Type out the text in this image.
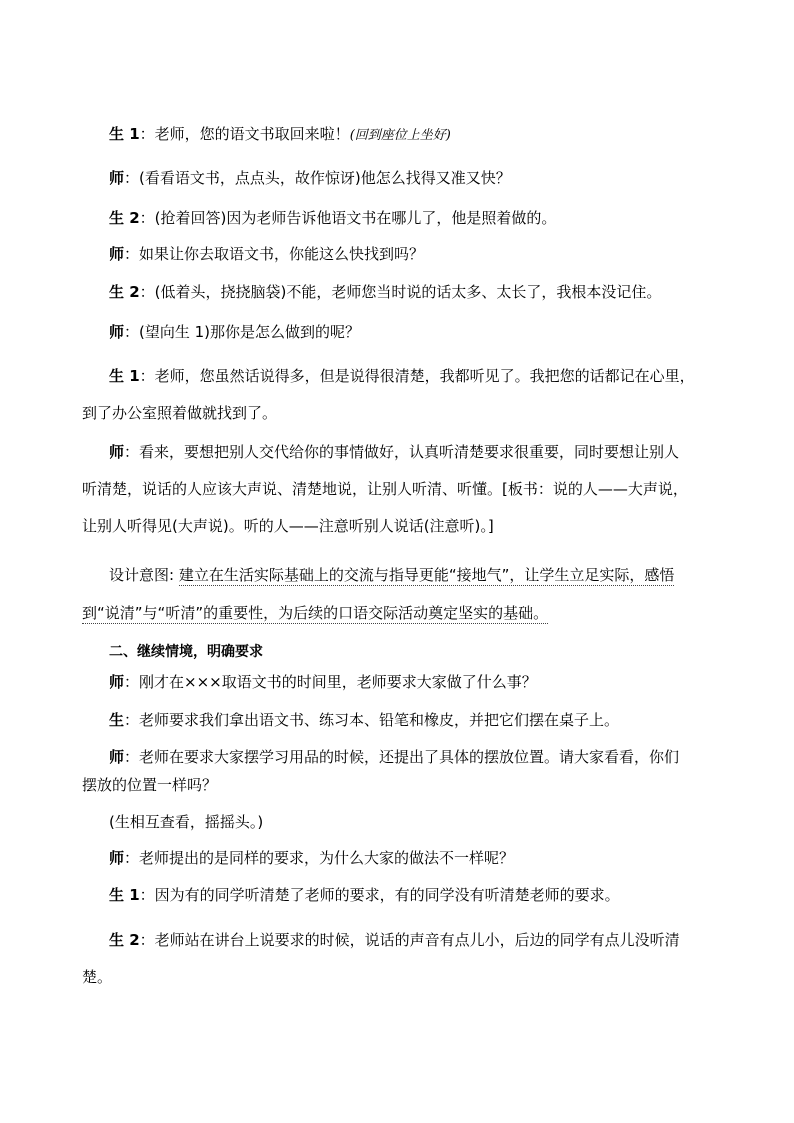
生 1：老师，您的语文书取回来啦！(回到座位上坐好)
师：(看看语文书，点点头，故作惊讶)他怎么找得又准又快？
生 2：(抢着回答)因为老师告诉他语文书在哪儿了，他是照着做的。
师：如果让你去取语文书，你能这么快找到吗？
生 2：(低着头，挠挠脑袋)不能，老师您当时说的话太多、太长了，我根本没记住。
师：(望向生 1)那你是怎么做到的呢？
生 1：老师，您虽然话说得多，但是说得很清楚，我都听见了。我把您的话都记在心里，
到了办公室照着做就找到了。
师：看来，要想把别人交代给你的事情做好，认真听清楚要求很重要，同时要想让别人
听清楚，说话的人应该大声说、清楚地说，让别人听清、听懂。[板书：说的人——大声说，
让别人听得见(大声说)。听的人——注意听别人说话(注意听)。]
设计意图: 建立在生活实际基础上的交流与指导更能“接地气”，让学生立足实际，感悟
到“说清”与“听清”的重要性，为后续的口语交际活动奠定坚实的基础。
二、继续情境，明确要求
师：刚才在×××取语文书的时间里，老师要求大家做了什么事？
生：老师要求我们拿出语文书、练习本、铅笔和橡皮，并把它们摆在桌子上。
师：老师在要求大家摆学习用品的时候，还提出了具体的摆放位置。请大家看看，你们
摆放的位置一样吗？
(生相互查看，摇摇头。)
师：老师提出的是同样的要求，为什么大家的做法不一样呢？
生 1：因为有的同学听清楚了老师的要求，有的同学没有听清楚老师的要求。
生 2：老师站在讲台上说要求的时候，说话的声音有点儿小，后边的同学有点儿没听清
楚。
